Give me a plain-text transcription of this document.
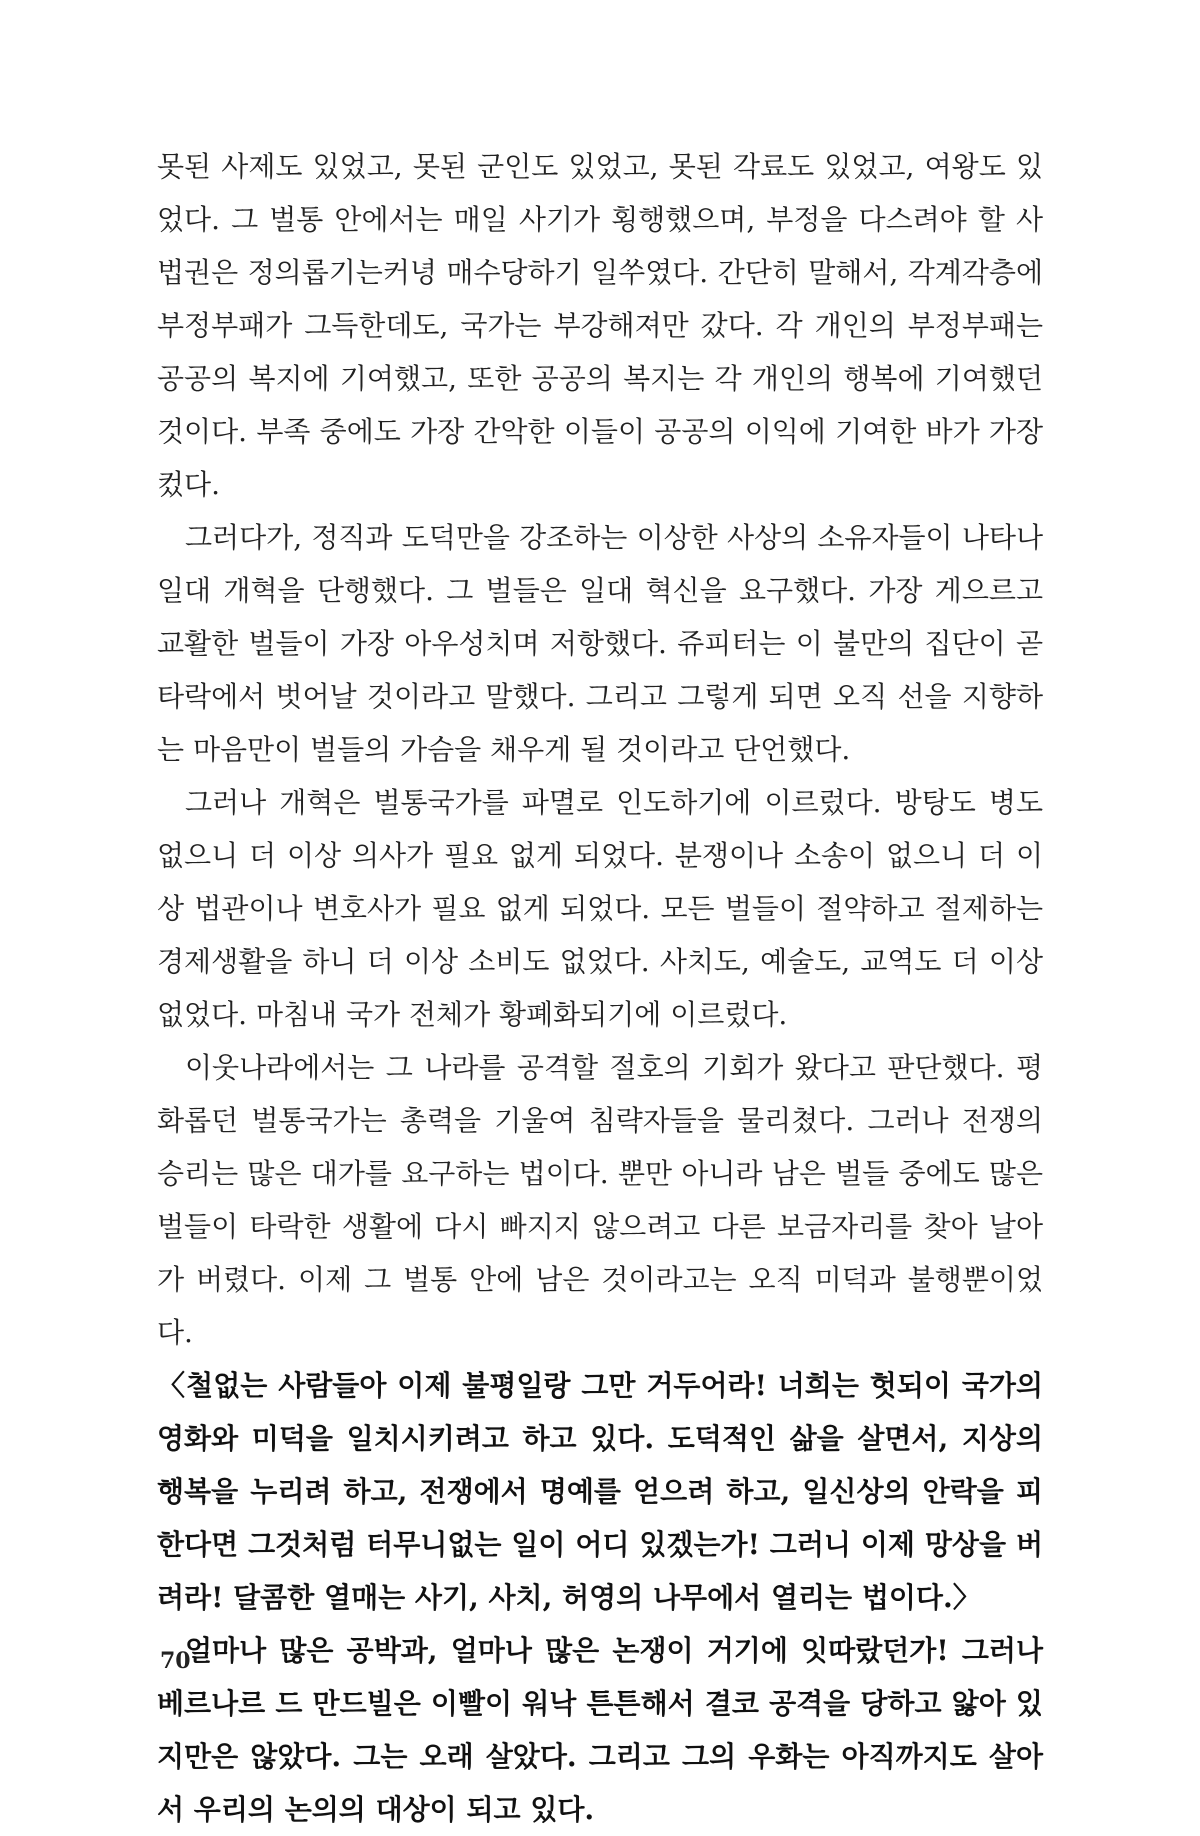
못된 사제도 있었고, 못된 군인도 있었고, 못된 각료도 있었고, 여왕도 있었다. 그 벌통 안에서는 매일 사기가 횡행했으며, 부정을 다스려야 할 사법권은 정의롭기는커녕 매수당하기 일쑤였다. 간단히 말해서, 각계각층에 부정부패가 그득한데도, 국가는 부강해져만 갔다. 각 개인의 부정부패는 공공의 복지에 기여했고, 또한 공공의 복지는 각 개인의 행복에 기여했던 것이다. 부족 중에도 가장 간악한 이들이 공공의 이익에 기여한 바가 가장 컸다.

그러다가, 정직과 도덕만을 강조하는 이상한 사상의 소유자들이 나타나 일대 개혁을 단행했다. 그 벌들은 일대 혁신을 요구했다. 가장 게으르고 교활한 벌들이 가장 아우성치며 저항했다. 쥬피터는 이 불만의 집단이 곧 타락에서 벗어날 것이라고 말했다. 그리고 그렇게 되면 오직 선을 지향하는 마음만이 벌들의 가슴을 채우게 될 것이라고 단언했다.

그러나 개혁은 벌통국가를 파멸로 인도하기에 이르렀다. 방탕도 병도 없으니 더 이상 의사가 필요 없게 되었다. 분쟁이나 소송이 없으니 더 이상 법관이나 변호사가 필요 없게 되었다. 모든 벌들이 절약하고 절제하는 경제생활을 하니 더 이상 소비도 없었다. 사치도, 예술도, 교역도 더 이상 없었다. 마침내 국가 전체가 황폐화되기에 이르렀다.

이웃나라에서는 그 나라를 공격할 절호의 기회가 왔다고 판단했다. 평화롭던 벌통국가는 총력을 기울여 침략자들을 물리쳤다. 그러나 전쟁의 승리는 많은 대가를 요구하는 법이다. 뿐만 아니라 남은 벌들 중에도 많은 벌들이 타락한 생활에 다시 빠지지 않으려고 다른 보금자리를 찾아 날아가 버렸다. 이제 그 벌통 안에 남은 것이라고는 오직 미덕과 불행뿐이었다.

〈철없는 사람들아 이제 불평일랑 그만 거두어라! 너희는 헛되이 국가의 영화와 미덕을 일치시키려고 하고 있다. 도덕적인 삶을 살면서, 지상의 행복을 누리려 하고, 전쟁에서 명예를 얻으려 하고, 일신상의 안락을 피한다면 그것처럼 터무니없는 일이 어디 있겠는가! 그러니 이제 망상을 버려라! 달콤한 열매는 사기, 사치, 허영의 나무에서 열리는 법이다.〉

얼마나 많은 공박과, 얼마나 많은 논쟁이 거기에 잇따랐던가! 그러나 베르나르 드 만드빌은 이빨이 워낙 튼튼해서 결코 공격을 당하고 앓아 있지만은 않았다. 그는 오래 살았다. 그리고 그의 우화는 아직까지도 살아서 우리의 논의의 대상이 되고 있다.

70
